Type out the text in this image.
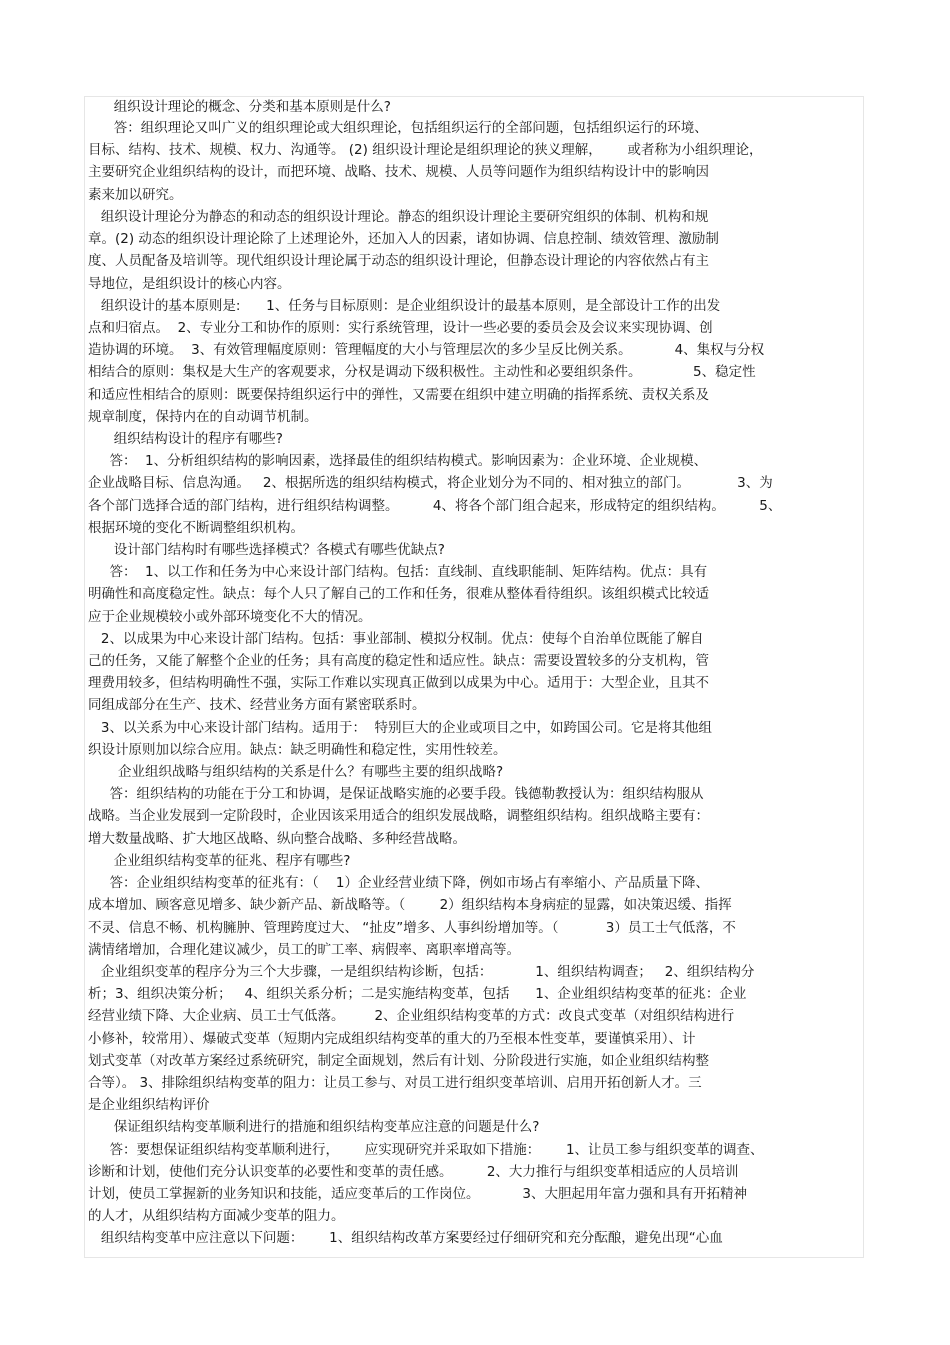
组织设计理论的概念、分类和基本原则是什么?
答：组织理论又叫广义的组织理论或大组织理论，包括组织运行的全部问题，包括组织运行的环境、
目标、结构、技术、规模、权力、沟通等。 (2) 组织设计理论是组织理论的狭义理解，      或者称为小组织理论，
主要研究企业组织结构的设计，而把环境、战略、技术、规模、人员等问题作为组织结构设计中的影响因
素来加以研究。
组织设计理论分为静态的和动态的组织设计理论。静态的组织设计理论主要研究组织的体制、机构和规
章。(2) 动态的组织设计理论除了上述理论外，还加入人的因素，诸如协调、信息控制、绩效管理、激励制
度、人员配备及培训等。现代组织设计理论属于动态的组织设计理论，但静态设计理论的内容依然占有主
导地位，是组织设计的核心内容。
组织设计的基本原则是:      1、任务与目标原则：是企业组织设计的最基本原则，是全部设计工作的出发
点和归宿点。  2、专业分工和协作的原则：实行系统管理，设计一些必要的委员会及会议来实现协调、创
造协调的环境。  3、有效管理幅度原则：管理幅度的大小与管理层次的多少呈反比例关系。          4、集权与分权
相结合的原则：集权是大生产的客观要求，分权是调动下级积极性。主动性和必要组织条件。            5、稳定性
和适应性相结合的原则：既要保持组织运行中的弹性，又需要在组织中建立明确的指挥系统、责权关系及
规章制度，保持内在的自动调节机制。
组织结构设计的程序有哪些?
答：  1、分析组织结构的影响因素，选择最佳的组织结构模式。影响因素为：企业环境、企业规模、
企业战略目标、信息沟通。   2、根据所选的组织结构模式，将企业划分为不同的、相对独立的部门。           3、为
各个部门选择合适的部门结构，进行组织结构调整。        4、将各个部门组合起来，形成特定的组织结构。        5、
根据环境的变化不断调整组织机构。
设计部门结构时有哪些选择模式？各模式有哪些优缺点?
答：  1、以工作和任务为中心来设计部门结构。包括：直线制、直线职能制、矩阵结构。优点：具有
明确性和高度稳定性。缺点：每个人只了解自己的工作和任务，很难从整体看待组织。该组织模式比较适
应于企业规模较小或外部环境变化不大的情况。
2、以成果为中心来设计部门结构。包括：事业部制、模拟分权制。优点：使每个自治单位既能了解自
己的任务，又能了解整个企业的任务；具有高度的稳定性和适应性。缺点：需要设置较多的分支机构，管
理费用较多，但结构明确性不强，实际工作难以实现真正做到以成果为中心。适用于：大型企业，且其不
同组成部分在生产、技术、经营业务方面有紧密联系时。
3、以关系为中心来设计部门结构。适用于：  特别巨大的企业或项目之中，如跨国公司。它是将其他组
织设计原则加以综合应用。缺点：缺乏明确性和稳定性，实用性较差。
企业组织战略与组织结构的关系是什么？有哪些主要的组织战略?
答：组织结构的功能在于分工和协调，是保证战略实施的必要手段。钱德勒教授认为：组织结构服从
战略。当企业发展到一定阶段时，企业因该采用适合的组织发展战略，调整组织结构。组织战略主要有：
增大数量战略、扩大地区战略、纵向整合战略、多种经营战略。
企业组织结构变革的征兆、程序有哪些?
答：企业组织结构变革的征兆有：（    1）企业经营业绩下降，例如市场占有率缩小、产品质量下降、
成本增加、顾客意见增多、缺少新产品、新战略等。（        2）组织结构本身病症的显露，如决策迟缓、指挥
不灵、信息不畅、机构臃肿、管理跨度过大、 “扯皮”增多、人事纠纷增加等。（           3）员工士气低落，不
满情绪增加，合理化建议减少，员工的旷工率、病假率、离职率增高等。
企业组织变革的程序分为三个大步骤，一是组织结构诊断，包括：          1、组织结构调查；   2、组织结构分
析；3、组织决策分析；   4、组织关系分析；二是实施结构变革，包括      1、企业组织结构变革的征兆：企业
经营业绩下降、大企业病、员工士气低落。       2、企业组织结构变革的方式：改良式变革（对组织结构进行
小修补，较常用）、爆破式变革（短期内完成组织结构变革的重大的乃至根本性变革，要谨慎采用）、计
划式变革（对改革方案经过系统研究，制定全面规划，然后有计划、分阶段进行实施，如企业组织结构整
合等）。 3、排除组织结构变革的阻力：让员工参与、对员工进行组织变革培训、启用开拓创新人才。三
是企业组织结构评价
保证组织结构变革顺利进行的措施和组织结构变革应注意的问题是什么?
答：要想保证组织结构变革顺利进行，      应实现研究并采取如下措施：      1、让员工参与组织变革的调查、
诊断和计划，使他们充分认识变革的必要性和变革的责任感。        2、大力推行与组织变革相适应的人员培训
计划，使员工掌握新的业务知识和技能，适应变革后的工作岗位。          3、大胆起用年富力强和具有开拓精神
的人才，从组织结构方面减少变革的阻力。
组织结构变革中应注意以下问题：      1、组织结构改革方案要经过仔细研究和充分酝酿，避免出现“心血
